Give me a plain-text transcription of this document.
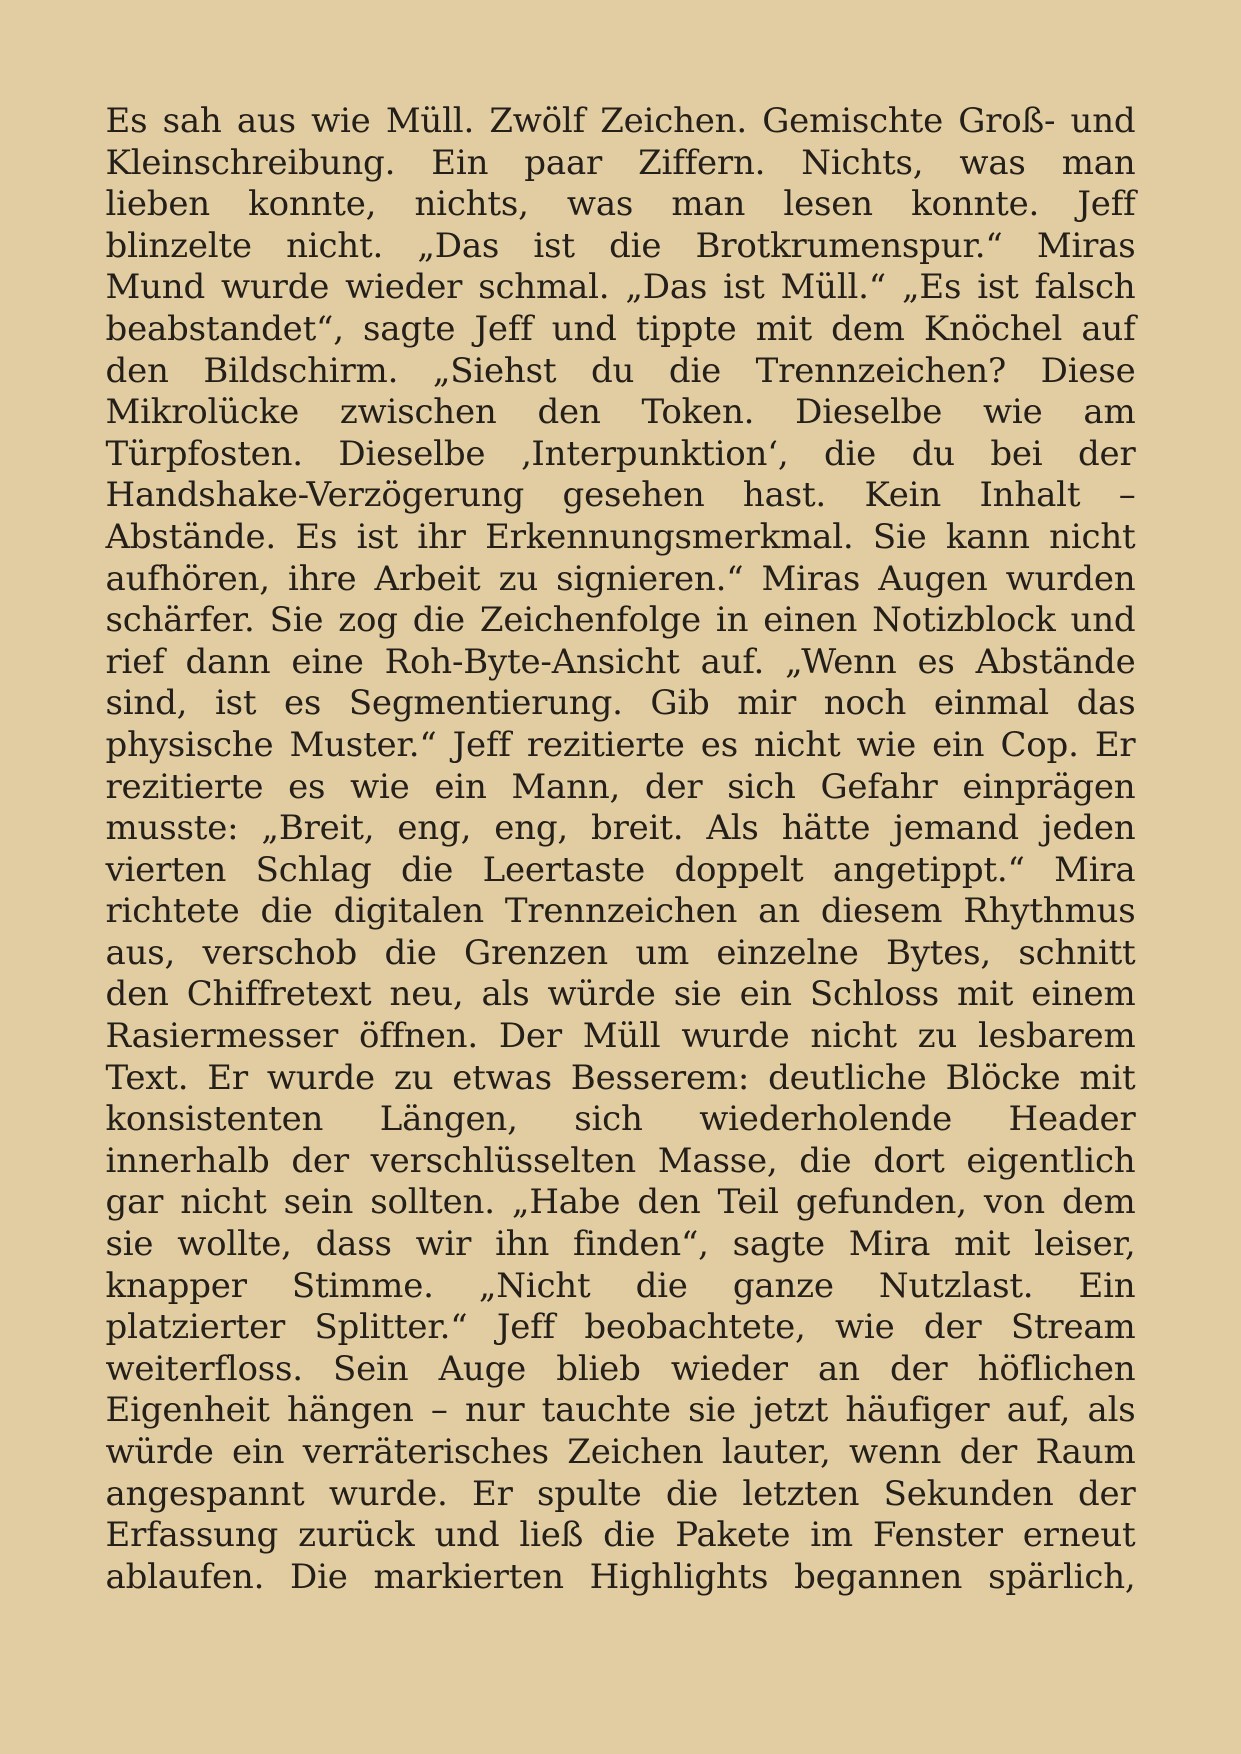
Es sah aus wie Müll. Zwölf Zeichen. Gemischte Groß- und
Kleinschreibung. Ein paar Ziffern. Nichts, was man
lieben konnte, nichts, was man lesen konnte. Jeff
blinzelte nicht. „Das ist die Brotkrumenspur.“ Miras
Mund wurde wieder schmal. „Das ist Müll.“ „Es ist falsch
beabstandet“, sagte Jeff und tippte mit dem Knöchel auf
den Bildschirm. „Siehst du die Trennzeichen? Diese
Mikrolücke zwischen den Token. Dieselbe wie am
Türpfosten. Dieselbe ‚Interpunktion‘, die du bei der
Handshake-Verzögerung gesehen hast. Kein Inhalt –
Abstände. Es ist ihr Erkennungsmerkmal. Sie kann nicht
aufhören, ihre Arbeit zu signieren.“ Miras Augen wurden
schärfer. Sie zog die Zeichenfolge in einen Notizblock und
rief dann eine Roh-Byte-Ansicht auf. „Wenn es Abstände
sind, ist es Segmentierung. Gib mir noch einmal das
physische Muster.“ Jeff rezitierte es nicht wie ein Cop. Er
rezitierte es wie ein Mann, der sich Gefahr einprägen
musste: „Breit, eng, eng, breit. Als hätte jemand jeden
vierten Schlag die Leertaste doppelt angetippt.“ Mira
richtete die digitalen Trennzeichen an diesem Rhythmus
aus, verschob die Grenzen um einzelne Bytes, schnitt
den Chiffretext neu, als würde sie ein Schloss mit einem
Rasiermesser öffnen. Der Müll wurde nicht zu lesbarem
Text. Er wurde zu etwas Besserem: deutliche Blöcke mit
konsistenten Längen, sich wiederholende Header
innerhalb der verschlüsselten Masse, die dort eigentlich
gar nicht sein sollten. „Habe den Teil gefunden, von dem
sie wollte, dass wir ihn finden“, sagte Mira mit leiser,
knapper Stimme. „Nicht die ganze Nutzlast. Ein
platzierter Splitter.“ Jeff beobachtete, wie der Stream
weiterfloss. Sein Auge blieb wieder an der höflichen
Eigenheit hängen – nur tauchte sie jetzt häufiger auf, als
würde ein verräterisches Zeichen lauter, wenn der Raum
angespannt wurde. Er spulte die letzten Sekunden der
Erfassung zurück und ließ die Pakete im Fenster erneut
ablaufen. Die markierten Highlights begannen spärlich,
